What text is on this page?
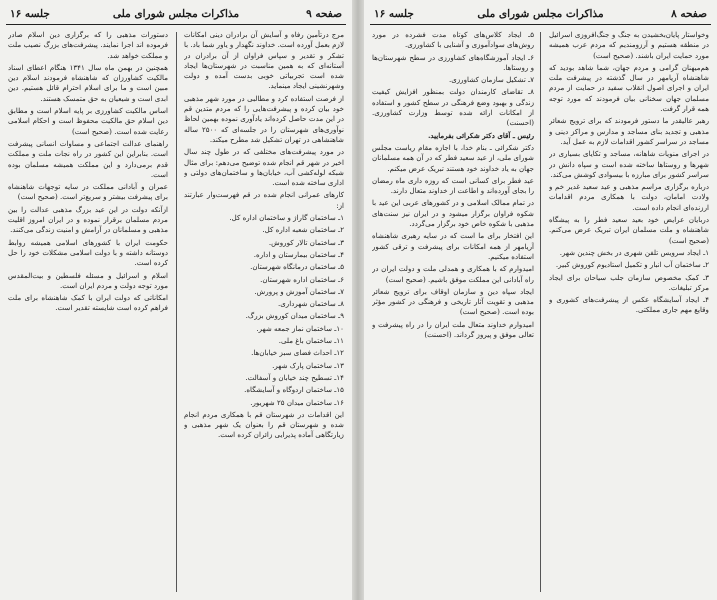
صفحه ۹
مذاکرات مجلس شورای ملی
جلسه ۱۶

مرج درتأمین رفاه و آسایش آن برادران دینی امکانات لازم بعمل آورده است. خداوند نگهدار و یاور شما باد. با تشکر و تقدیر و سپاس فراوان از آن برادران در آستانه‌ای که به همین مناسبت در شهرستان‌ها ایجاد شده است تجربیاتی خوبی بدست آمده و دولت وشهرنشینی ایجاد مینماید.

از فرصت استفاده کرد و مطالبی در مورد شهر مذهبی خود بیان کرده و پیشرفت‌هایی را که مردم متدین قم در این مدت حاصل کرده‌اند یادآوری نموده بهمین لحاظ نوآوری‌های شهرستان را در جلسه‌ای که ۲۵۰۰ ساله شاهنشاهی در تهران تشکیل شد مطرح میکند.

در مورد پیشرفت‌های مختلفی که در طول چند سال اخیر در شهر قم انجام شده توضیح می‌دهم: برای مثال شبکه لوله‌کشی آب، خیابان‌ها و ساختمان‌های دولتی و اداری ساخته شده است.

کارهای عمرانی انجام شده در قم فهرست‌وار عبارتند از:

۱ـ ساختمان گاراژ و ساختمان اداره کل.

۲ـ ساختمان شعبه اداره کل.

۳ـ ساختمان تالار کوروش.

۴ـ ساختمان بیمارستان و اداره.

۵ـ ساختمان درمانگاه شهرستان.

۶ـ ساختمان اداره شهرستان.

۷ـ ساختمان آموزش و پرورش.

۸ـ ساختمان شهرداری.

۹ـ ساختمان میدان کوروش بزرگ.

۱۰ـ ساختمان نماز جمعه شهر.

۱۱ـ ساختمان باغ ملی.

۱۲ـ احداث فضای سبز خیابان‌ها.

۱۳ـ ساختمان پارک شهر.

۱۴ـ تسطیح چند خیابان و آسفالت.

۱۵ـ ساختمان اردوگاه و آسایشگاه.

۱۶ـ ساختمان میدان ۲۵ شهریور.

این اقدامات در شهرستان قم با همکاری مردم انجام شده و شهرستان قم را بعنوان یک شهر مذهبی و زیارتگاهی آماده پذیرایی زائران کرده است.

دستورات مذهبی را که برگزاری دین اسلام صادر فرموده اند اجرا نمایند. پیشرفت‌های بزرگ نصیب ملت و مملکت خواهد شد.

همچنین در بهمن ماه سال ۱۳۴۱ هنگام اعطای اسناد مالکیت کشاورزان که شاهنشاه فرمودند اسلام دین مبین است و ما برای اسلام احترام قائل هستیم. دین ابدی است و شیعیان به حق متمسک هستند.

اساس مالکیت کشاورزی بر پایه اسلام است و مطابق دین اسلام حق مالکیت محفوظ است و احکام اسلامی رعایت شده است. (صحیح است)

راهنمای عدالت اجتماعی و مساوات انسانی پیشرفت است. بنابراین این کشور در راه نجات ملت و مملکت قدم برمی‌دارد و این مملکت همیشه مسلمان بوده است.

عمران و آبادانی مملکت در سایه توجهات شاهنشاه برای پیشرفت بیشتر و سریع‌تر است. (صحیح است)

ازآنکه دولت در این عید بزرگ مذهبی عدالت را بین مردم مسلمان برقرار نموده و در ایران امروز اقلیت مذهبی و مسلمانان در آرامش و امنیت زندگی می‌کنند.

حکومت ایران با کشورهای اسلامی همیشه روابط دوستانه داشته و با دولت اسلامی مشکلات خود را حل کرده است.

اسلام و اسرائیل و مسئله فلسطین و بیت‌المقدس مورد توجه دولت و مردم ایران است.

امکاناتی که دولت ایران با کمک شاهنشاه برای ملت فراهم کرده است شایسته تقدیر است.

صفحه ۸
مذاکرات مجلس شورای ملی
جلسه ۱۶

وخواستار پایان‌بخشیدن به جنگ و جنگ‌افروزی اسرائیل در منطقه هستیم و آرزومندیم که مردم عرب همیشه مورد حمایت ایران باشند. (صحیح است)

هم‌میهنان گرامی و مردم جهان، شما شاهد بودید که شاهنشاه آریامهر در سال گذشته در پیشرفت ملت ایران و اجرای اصول انقلاب سفید در حمایت از مردم مسلمان جهان سخنانی بیان فرمودند که مورد توجه همه قرار گرفت.

رهبر عالیقدر ما دستور فرمودند که برای ترویج شعائر مذهبی و تجدید بنای مساجد و مدارس و مراکز دینی و مساجد در سراسر کشور اقدامات لازم به عمل آید.

در اجرای منویات شاهانه، مساجد و تکایای بسیاری در شهرها و روستاها ساخته شده است و سپاه دانش در سراسر کشور برای مبارزه با بیسوادی کوشش می‌کند.

درباره برگزاری مراسم مذهبی و عید سعید غدیر خم و ولادت امامان، دولت با همکاری مردم اقدامات ارزنده‌ای انجام داده است.

دربایان عرایض خود بعید سعید فطر را به پیشگاه شاهنشاه و ملت مسلمان ایران تبریک عرض می‌کنم. (صحیح است)

۱ـ ایجاد سرویس تلفن شهری در بخش چندین شهر.

۲ـ ساختمان آب انبار و تکمیل استادیوم کوروش کبیر.

۳ـ کمک مخصوص سازمان جلب سیاحان برای ایجاد مرکز تبلیغات.

۴ـ ایجاد آسایشگاه عکس از پیشرفت‌های کشوری و وقایع مهم جاری مملکتی.

۵ـ ایجاد کلاس‌های کوتاه مدت فشرده در مورد روش‌های سوادآموزی و آشنایی با کشاورزی.

۶ـ ایجاد آموزشگاه‌های کشاورزی در سطح شهرستان‌ها و روستاها.

۷ـ تشکیل سازمان کشاورزی.

۸ـ تقاضای کارمندان دولت بمنظور افزایش کیفیت زندگی و بهبود وضع فرهنگی در سطح کشور و استفاده از امکانات ارائه شده توسط وزارت کشاورزی. (احسنت)

رئیس ـ آقای دکتر شکرائی بفرمایید.

دکتر شکرائی ـ بنام خدا، با اجازه مقام ریاست مجلس شورای ملی، از عید سعید فطر که در آن همه مسلمانان جهان به یاد خداوند خود هستند تبریک عرض میکنم.

عید فطر برای کسانی است که روزه داری ماه رمضان را بجای آورده‌اند و اطاعت از خداوند متعال دارند.

در تمام ممالک اسلامی و در کشورهای عربی این عید با شکوه فراوان برگزار میشود و در ایران نیز سنت‌های مذهبی با شکوه خاص خود برگزار می‌گردد.

این افتخار برای ما است که در سایه رهبری شاهنشاه آریامهر از همه امکانات برای پیشرفت و ترقی کشور استفاده میکنیم.

امیدوارم که با همکاری و همدلی ملت و دولت ایران در راه آبادانی این مملکت موفق باشیم. (صحیح است)

ایجاد سپاه دین و سازمان اوقاف برای ترویج شعائر مذهبی و تقویت آثار تاریخی و فرهنگی در کشور مؤثر بوده است. (صحیح است)

امیدوارم خداوند متعال ملت ایران را در راه پیشرفت و تعالی موفق و پیروز گرداند. (احسنت)
